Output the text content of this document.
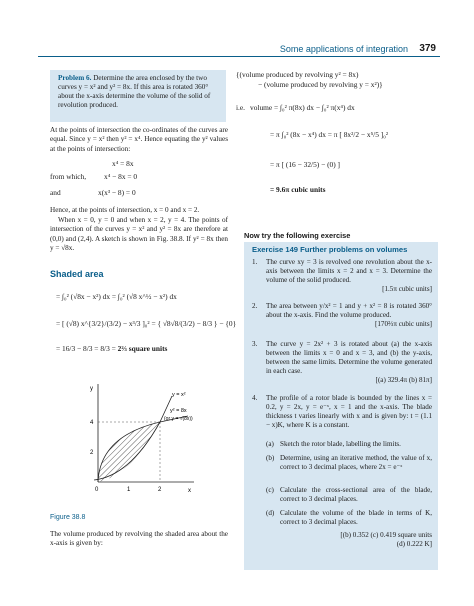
Some applications of integration 379
Problem 6. Determine the area enclosed by the two curves y = x² and y² = 8x. If this area is rotated 360° about the x-axis determine the volume of the solid of revolution produced.
At the points of intersection the co-ordinates of the curves are equal. Since y = x² then y² = x⁴. Hence equating the y² values at the points of intersection:
x⁴ = 8x
from which, x⁴ − 8x = 0
and	x(x³ − 8) = 0
Hence, at the points of intersection, x = 0 and x = 2.
When x = 0, y = 0 and when x = 2, y = 4. The points of intersection of the curves y = x² and y² = 8x are therefore at (0,0) and (2,4). A sketch is shown in Fig. 38.8. If y² = 8x then y = √8x.
Shaded area
= ∫₀² (√8x − x²) dx = ∫₀² (√8 x^½ − x²) dx
= [ (√8) x^{3/2}/(3/2) − x³/3 ]₀² = { √8√8/(3/2) − 8/3 } − {0}
= 16/3 − 8/3 = 8/3 = 2⅔ square units
y
x
0	1	2
2
4
y = x²
y² = 8x
(or y = √(8x))
Figure 38.8
The volume produced by revolving the shaded area about the x-axis is given by:
{(volume produced by revolving y² = 8x)
− (volume produced by revolving y = x²)}
i.e. volume = ∫₀² π(8x) dx − ∫₀² π(x⁴) dx
= π ∫₀² (8x − x⁴) dx = π [ 8x²/2 − x⁵/5 ]₀²
= π [ (16 − 32/5) − (0) ]
= 9.6π cubic units
Now try the following exercise
Exercise 149 Further problems on volumes
1. The curve xy = 3 is revolved one revolution about the x-axis between the limits x = 2 and x = 3. Determine the volume of the solid produced.
[1.5π cubic units]
2. The area between y/x² = 1 and y + x² = 8 is rotated 360° about the x-axis. Find the volume produced.
[170⅔π cubic units]
3. The curve y = 2x² + 3 is rotated about (a) the x-axis between the limits x = 0 and x = 3, and (b) the y-axis, between the same limits. Determine the volume generated in each case.
[(a) 329.4π (b) 81π]
4. The profile of a rotor blade is bounded by the lines x = 0.2, y = 2x, y = e⁻ˣ, x = 1 and the x-axis. The blade thickness t varies linearly with x and is given by: t = (1.1 − x)K, where K is a constant.
(a) Sketch the rotor blade, labelling the limits.
(b) Determine, using an iterative method, the value of x, correct to 3 decimal places, where 2x = e⁻ˣ
(c) Calculate the cross-sectional area of the blade, correct to 3 decimal places.
(d) Calculate the volume of the blade in terms of K, correct to 3 decimal places.
[(b) 0.352 (c) 0.419 square units
(d) 0.222 K]
